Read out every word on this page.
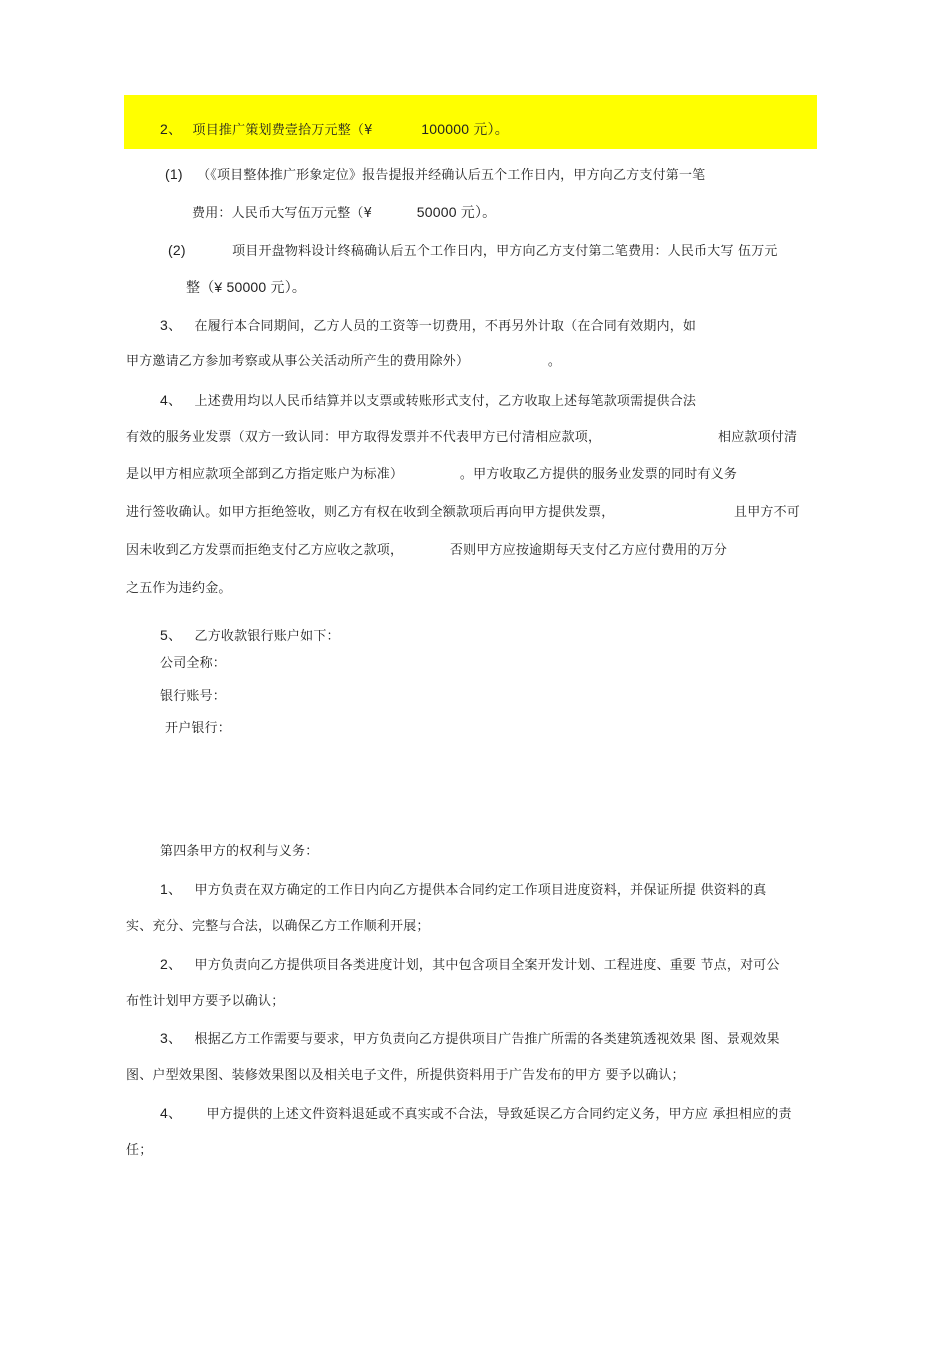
2、 项目推广策划费壹拾万元整（¥	100000 元）。
(1) （《项目整体推广形象定位》报告提报并经确认后五个工作日内，甲方向乙方支付第一笔
费用：人民币大写伍万元整（¥	50000 元）。
(2)	项目开盘物料设计终稿确认后五个工作日内，甲方向乙方支付第二笔费用：人民币大写 伍万元
整（¥ 50000 元）。
3、 在履行本合同期间，乙方人员的工资等一切费用，不再另外计取（在合同有效期内，如
甲方邀请乙方参加考察或从事公关活动所产生的费用除外）	。
4、 上述费用均以人民币结算并以支票或转账形式支付，乙方收取上述每笔款项需提供合法
有效的服务业发票（双方一致认同：甲方取得发票并不代表甲方已付清相应款项，	相应款项付清
是以甲方相应款项全部到乙方指定账户为标准）	。甲方收取乙方提供的服务业发票的同时有义务
进行签收确认。如甲方拒绝签收，则乙方有权在收到全额款项后再向甲方提供发票，	且甲方不可
因未收到乙方发票而拒绝支付乙方应收之款项，	否则甲方应按逾期每天支付乙方应付费用的万分
之五作为违约金。
5、 乙方收款银行账户如下：
公司全称：
银行账号：
开户银行：
第四条甲方的权利与义务：
1、 甲方负责在双方确定的工作日内向乙方提供本合同约定工作项目进度资料，并保证所提 供资料的真
实、充分、完整与合法，以确保乙方工作顺利开展；
2、 甲方负责向乙方提供项目各类进度计划，其中包含项目全案开发计划、工程进度、重要 节点，对可公
布性计划甲方要予以确认；
3、 根据乙方工作需要与要求，甲方负责向乙方提供项目广告推广所需的各类建筑透视效果 图、景观效果
图、户型效果图、装修效果图以及相关电子文件，所提供资料用于广告发布的甲方 要予以确认；
4、 甲方提供的上述文件资料退延或不真实或不合法，导致延误乙方合同约定义务，甲方应 承担相应的责
任；
